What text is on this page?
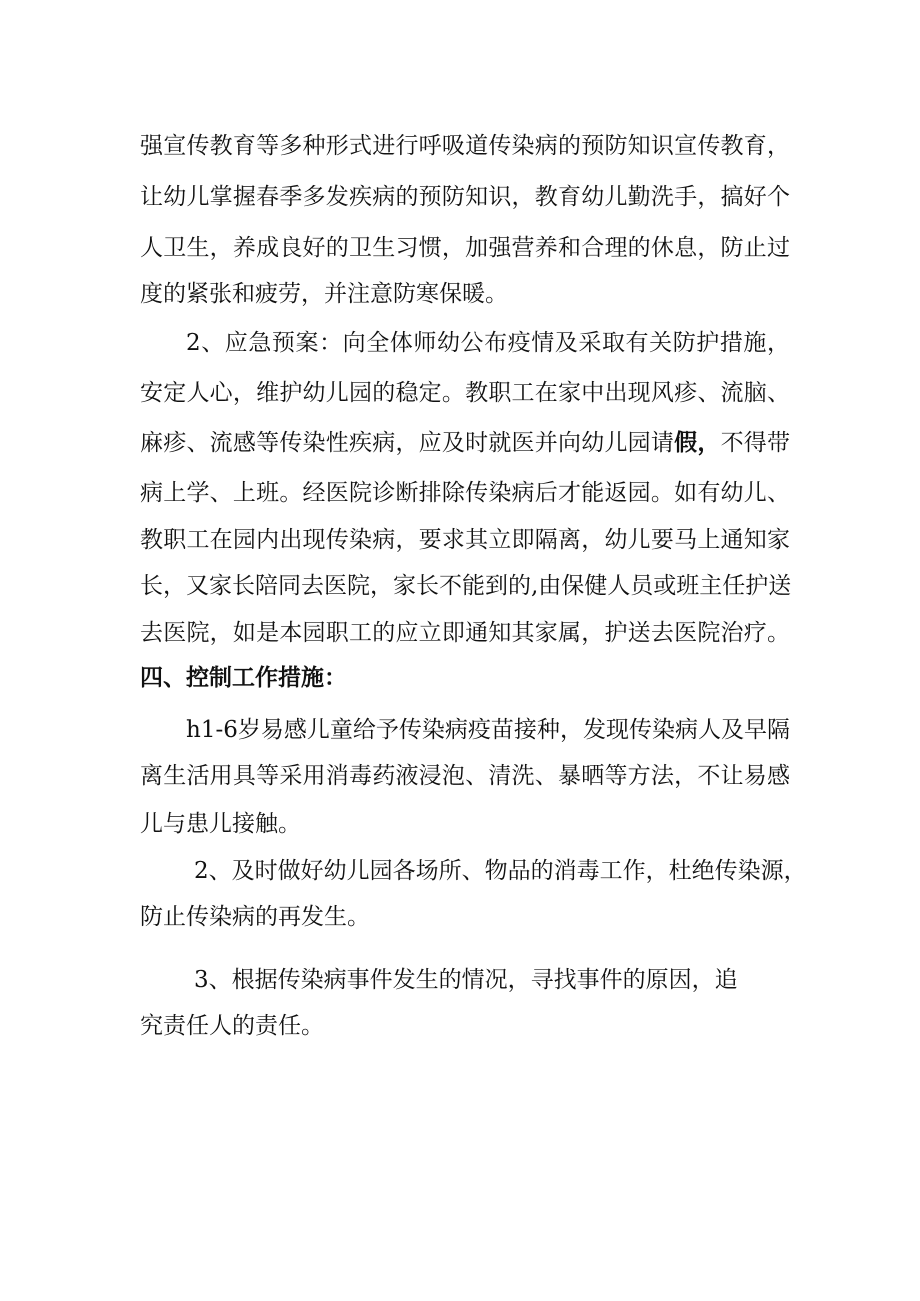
强宣传教育等多种形式进行呼吸道传染病的预防知识宣传教育，
让幼儿掌握春季多发疾病的预防知识，教育幼儿勤洗手，搞好个
人卫生，养成良好的卫生习惯，加强营养和合理的休息，防止过
度的紧张和疲劳，并注意防寒保暖。
2、应急预案：向全体师幼公布疫情及采取有关防护措施，
安定人心，维护幼儿园的稳定。教职工在家中出现风疹、流脑、
麻疹、流感等传染性疾病，应及时就医并向幼儿园请假，不得带
病上学、上班。经医院诊断排除传染病后才能返园。如有幼儿、
教职工在园内出现传染病，要求其立即隔离，幼儿要马上通知家
长，又家长陪同去医院，家长不能到的,由保健人员或班主任护送
去医院，如是本园职工的应立即通知其家属，护送去医院治疗。
四、控制工作措施：
h1-6岁易感儿童给予传染病疫苗接种，发现传染病人及早隔
离生活用具等采用消毒药液浸泡、清洗、暴晒等方法，不让易感
儿与患儿接触。
2、及时做好幼儿园各场所、物品的消毒工作，杜绝传染源，
防止传染病的再发生。
3、根据传染病事件发生的情况，寻找事件的原因，追
究责任人的责任。
